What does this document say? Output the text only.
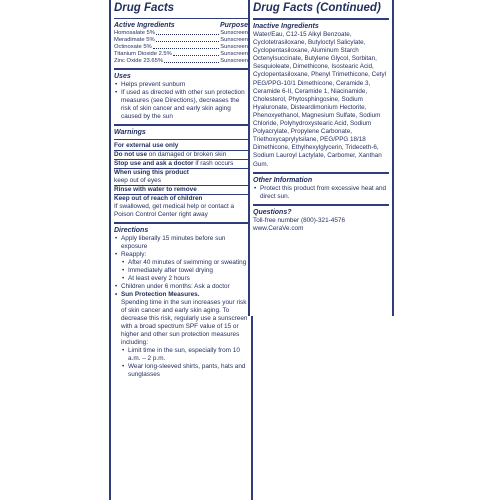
Drug Facts
Active Ingredients	Purpose
Homosalate 5%	Sunscreen
Meradimate 5%	Sunscreen
Octinoxate 5%	Sunscreen
Titanium Dioxide 2.5%	Sunscreen
Zinc Oxide 23.65%	Sunscreen
Uses
• Helps prevent sunburn
• If used as directed with other sun protection measures (see Directions), decreases the risk of skin cancer and early skin aging caused by the sun
Warnings
For external use only
Do not use on damaged or broken skin
Stop use and ask a doctor if rash occurs
When using this product
keep out of eyes
Rinse with water to remove
Keep out of reach of children
If swallowed, get medical help or contact a Poison Control Center right away
Directions
• Apply liberally 15 minutes before sun exposure
• Reapply:
• After 40 minutes of swimming or sweating
• Immediately after towel drying
• At least every 2 hours
• Children under 6 months: Ask a doctor
• Sun Protection Measures.
Spending time in the sun increases your risk of skin cancer and early skin aging. To decrease this risk, regularly use a sunscreen with a broad spectrum SPF value of 15 or higher and other sun protection measures including:
• Limit time in the sun, especially from 10 a.m. – 2 p.m.
• Wear long-sleeved shirts, pants, hats and sunglasses
Drug Facts (Continued)
Inactive Ingredients
Water/Eau, C12-15 Alkyl Benzoate, Cyclotetrasiloxane, Butyloctyl Salicylate, Cyclopentasiloxane, Aluminum Starch Octenylsuccinate, Butylene Glycol, Sorbitan, Sesquioleate, Dimethicone, Isostearic Acid, Cyclopentasiloxane, Phenyl Trimethicone, Cetyl PEG/PPG-10/1 Dimethicone, Ceramide 3, Ceramide 6-II, Ceramide 1, Niacinamide, Cholesterol, Phytosphingosine, Sodium Hyaluronate, Disteardimonium Hectorite, Phenoxyethanol, Magnesium Sulfate, Sodium Chloride, Polyhydroxystearic Acid, Sodium Polyacrylate, Propylene Carbonate, Triethoxycaprylylsilane, PEG/PPG 18/18 Dimethicone, Ethylhexylglycerin, Trideceth-6, Sodium Lauroyl Lactylate, Carbomer, Xanthan Gum.
Other Information
• Protect this product from excessive heat and direct sun.
Questions?
Toll-free number (800)-321-4576 www.CeraVe.com
